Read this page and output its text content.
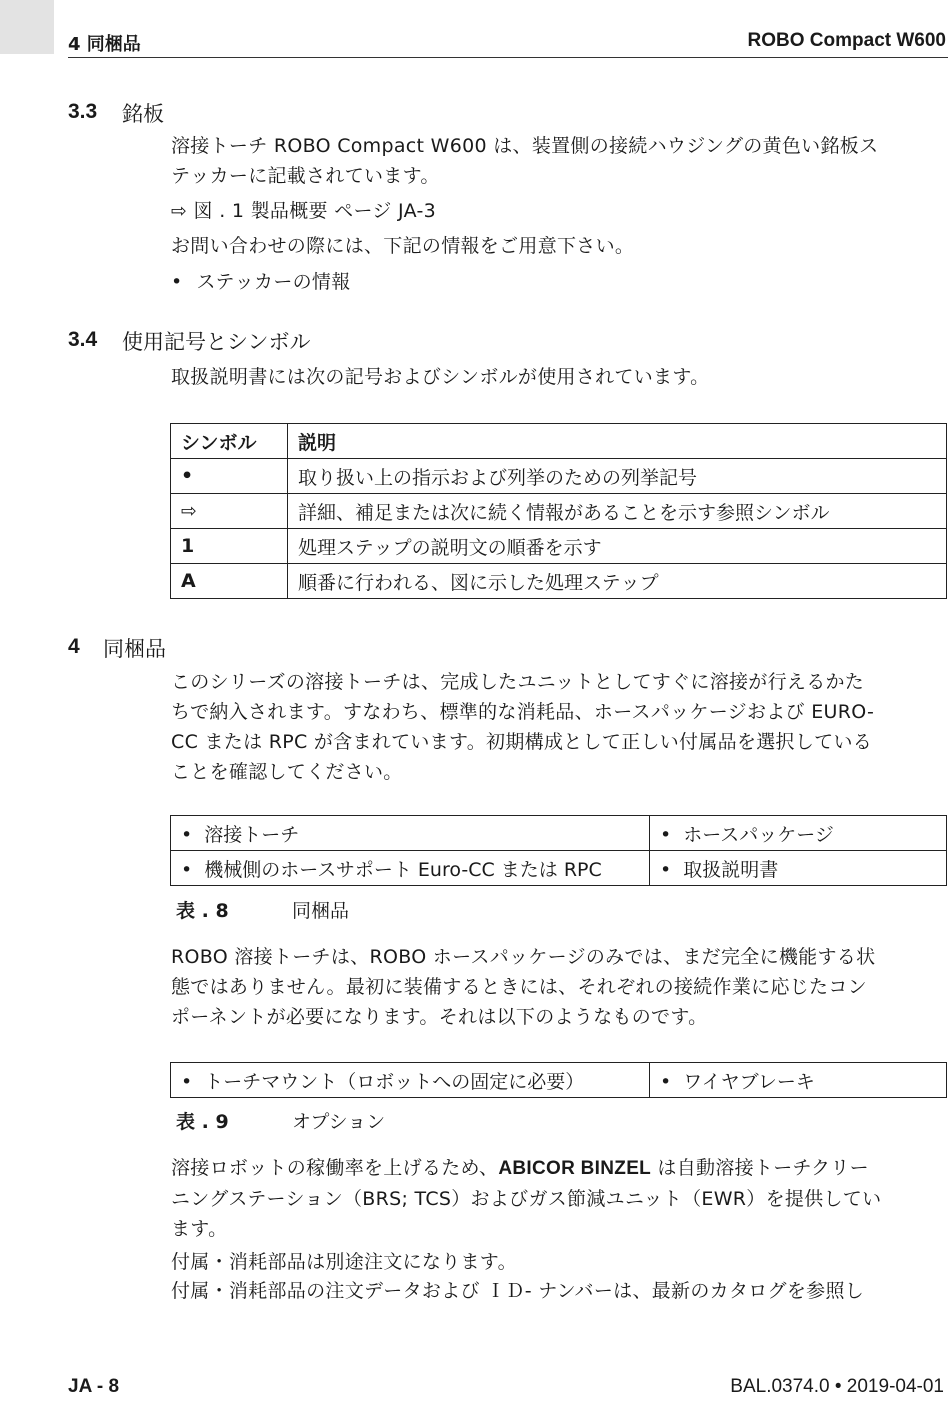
4 同梱品	ROBO Compact W600
3.3 銘板
溶接トーチ ROBO Compact W600 は、装置側の接続ハウジングの黄色い銘板ス
テッカーに記載されています。
⇨ 図 . 1 製品概要 ページ JA-3
お問い合わせの際には、下記の情報をご用意下さい。
• ステッカーの情報
3.4 使用記号とシンボル
取扱説明書には次の記号およびシンボルが使用されています。
シンボル	説明
•	取り扱い上の指示および列挙のための列挙記号
⇨	詳細、補足または次に続く情報があることを示す参照シンボル
1	処理ステップの説明文の順番を示す
A	順番に行われる、図に示した処理ステップ
4 同梱品
このシリーズの溶接トーチは、完成したユニットとしてすぐに溶接が行えるかた
ちで納入されます。すなわち、標準的な消耗品、ホースパッケージおよび EURO-
CC または RPC が含まれています。初期構成として正しい付属品を選択している
ことを確認してください。
• 溶接トーチ	• ホースパッケージ
• 機械側のホースサポート Euro-CC または RPC	• 取扱説明書
表 . 8	同梱品
ROBO 溶接トーチは、ROBO ホースパッケージのみでは、まだ完全に機能する状
態ではありません。最初に装備するときには、それぞれの接続作業に応じたコン
ポーネントが必要になります。それは以下のようなものです。
• トーチマウント（ロボットへの固定に必要）	•ワイヤブレーキ
表 . 9	オプション
溶接ロボットの稼働率を上げるため、ABICOR BINZEL は自動溶接トーチクリー
ニングステーション（BRS; TCS）およびガス節減ユニット（EWR）を提供してい
ます。
付属・消耗部品は別途注文になります。
付属・消耗部品の注文データおよび ＩＤ- ナンバーは、最新のカタログを参照し
JA - 8	BAL.0374.0 • 2019-04-01
